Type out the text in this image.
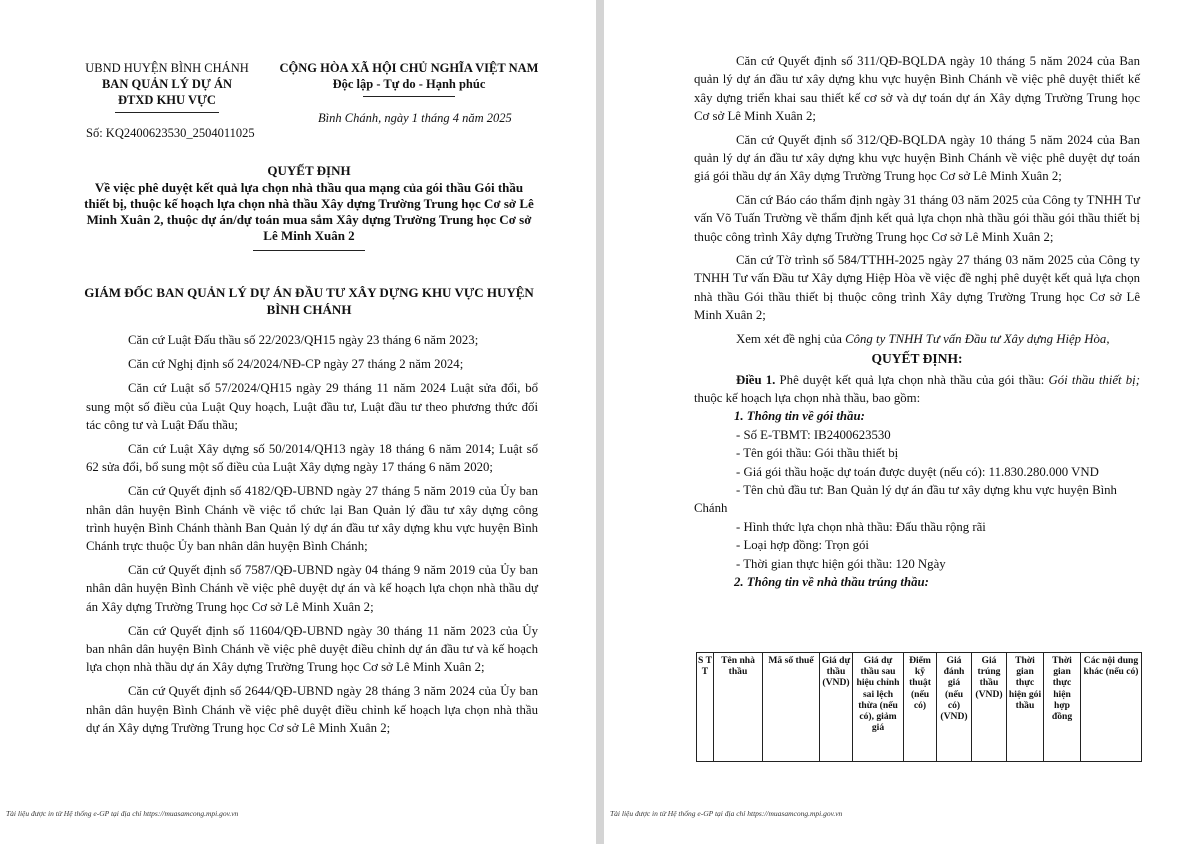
UBND HUYỆN BÌNH CHÁNH
BAN QUẢN LÝ DỰ ÁN
ĐTXD KHU VỰC
CỘNG HÒA XÃ HỘI CHỦ NGHĨA VIỆT NAM
Độc lập - Tự do - Hạnh phúc
Bình Chánh, ngày 1 tháng 4 năm 2025
Số: KQ2400623530_2504011025
QUYẾT ĐỊNH
Về việc phê duyệt kết quả lựa chọn nhà thầu qua mạng của gói thầu Gói thầu thiết bị, thuộc kế hoạch lựa chọn nhà thầu Xây dựng Trường Trung học Cơ sở Lê Minh Xuân 2, thuộc dự án/dự toán mua sắm Xây dựng Trường Trung học Cơ sở Lê Minh Xuân 2
GIÁM ĐỐC BAN QUẢN LÝ DỰ ÁN ĐẦU TƯ XÂY DỰNG KHU VỰC HUYỆN BÌNH CHÁNH

Căn cứ Luật Đấu thầu số 22/2023/QH15 ngày 23 tháng 6 năm 2023;

Căn cứ Nghị định số 24/2024/NĐ-CP ngày 27 tháng 2 năm 2024;

Căn cứ Luật số 57/2024/QH15 ngày 29 tháng 11 năm 2024 Luật sửa đổi, bổ sung một số điều của Luật Quy hoạch, Luật đầu tư, Luật đầu tư theo phương thức đối tác công tư và Luật Đấu thầu;

Căn cứ Luật Xây dựng số 50/2014/QH13 ngày 18 tháng 6 năm 2014; Luật số 62 sửa đổi, bổ sung một số điều của Luật Xây dựng ngày 17 tháng 6 năm 2020;

Căn cứ Quyết định số 4182/QĐ-UBND ngày 27 tháng 5 năm 2019 của Ủy ban nhân dân huyện Bình Chánh về việc tổ chức lại Ban Quản lý đầu tư xây dựng công trình huyện Bình Chánh thành Ban Quản lý dự án đầu tư xây dựng khu vực huyện Bình Chánh trực thuộc Ủy ban nhân dân huyện Bình Chánh;

Căn cứ Quyết định số 7587/QĐ-UBND ngày 04 tháng 9 năm 2019 của Ủy ban nhân dân huyện Bình Chánh về việc phê duyệt dự án và kế hoạch lựa chọn nhà thầu dự án Xây dựng Trường Trung học Cơ sở Lê Minh Xuân 2;

Căn cứ Quyết định số 11604/QĐ-UBND ngày 30 tháng 11 năm 2023 của Ủy ban nhân dân huyện Bình Chánh về việc phê duyệt điều chỉnh dự án đầu tư và kế hoạch lựa chọn nhà thầu dự án Xây dựng Trường Trung học Cơ sở Lê Minh Xuân 2;

Căn cứ Quyết định số 2644/QĐ-UBND ngày 28 tháng 3 năm 2024 của Ủy ban nhân dân huyện Bình Chánh về việc phê duyệt điều chỉnh kế hoạch lựa chọn nhà thầu dự án Xây dựng Trường Trung học Cơ sở Lê Minh Xuân 2;

Tài liệu được in từ Hệ thống e-GP tại địa chỉ https://muasamcong.mpi.gov.vn

Căn cứ Quyết định số 311/QĐ-BQLDA ngày 10 tháng 5 năm 2024 của Ban quản lý dự án đầu tư xây dựng khu vực huyện Bình Chánh về việc phê duyệt thiết kế xây dựng triển khai sau thiết kế cơ sở và dự toán dự án Xây dựng Trường Trung học Cơ sở Lê Minh Xuân 2;

Căn cứ Quyết định số 312/QĐ-BQLDA ngày 10 tháng 5 năm 2024 của Ban quản lý dự án đầu tư xây dựng khu vực huyện Bình Chánh về việc phê duyệt dự toán giá gói thầu dự án Xây dựng Trường Trung học Cơ sở Lê Minh Xuân 2;

Căn cứ Báo cáo thẩm định ngày 31 tháng 03 năm 2025 của Công ty TNHH Tư vấn Võ Tuấn Trường về thẩm định kết quả lựa chọn nhà thầu gói thầu gói thầu thiết bị thuộc công trình Xây dựng Trường Trung học Cơ sở Lê Minh Xuân 2;

Căn cứ Tờ trình số 584/TTHH-2025 ngày 27 tháng 03 năm 2025 của Công ty TNHH Tư vấn Đầu tư Xây dựng Hiệp Hòa về việc đề nghị phê duyệt kết quả lựa chọn nhà thầu Gói thầu thiết bị thuộc công trình Xây dựng Trường Trung học Cơ sở Lê Minh Xuân 2;

Xem xét đề nghị của Công ty TNHH Tư vấn Đầu tư Xây dựng Hiệp Hòa,

QUYẾT ĐỊNH:

Điều 1. Phê duyệt kết quả lựa chọn nhà thầu của gói thầu: Gói thầu thiết bị; thuộc kế hoạch lựa chọn nhà thầu, bao gồm:

1. Thông tin về gói thầu:
- Số E-TBMT: IB2400623530
- Tên gói thầu: Gói thầu thiết bị
- Giá gói thầu hoặc dự toán được duyệt (nếu có): 11.830.280.000 VND
- Tên chủ đầu tư: Ban Quản lý dự án đầu tư xây dựng khu vực huyện Bình Chánh
- Hình thức lựa chọn nhà thầu: Đấu thầu rộng rãi
- Loại hợp đồng: Trọn gói
- Thời gian thực hiện gói thầu: 120 Ngày
2. Thông tin về nhà thầu trúng thầu:
S T T	Tên nhà thầu	Mã số thuế	Giá dự thầu (VND)	Giá dự thầu sau hiệu chỉnh sai lệch thừa (nếu có), giảm giá	Điểm kỹ thuật (nếu có)	Giá đánh giá (nếu có) (VND)	Giá trúng thầu (VND)	Thời gian thực hiện gói thầu	Thời gian thực hiện hợp đồng	Các nội dung khác (nếu có)
Tài liệu được in từ Hệ thống e-GP tại địa chỉ https://muasamcong.mpi.gov.vn
